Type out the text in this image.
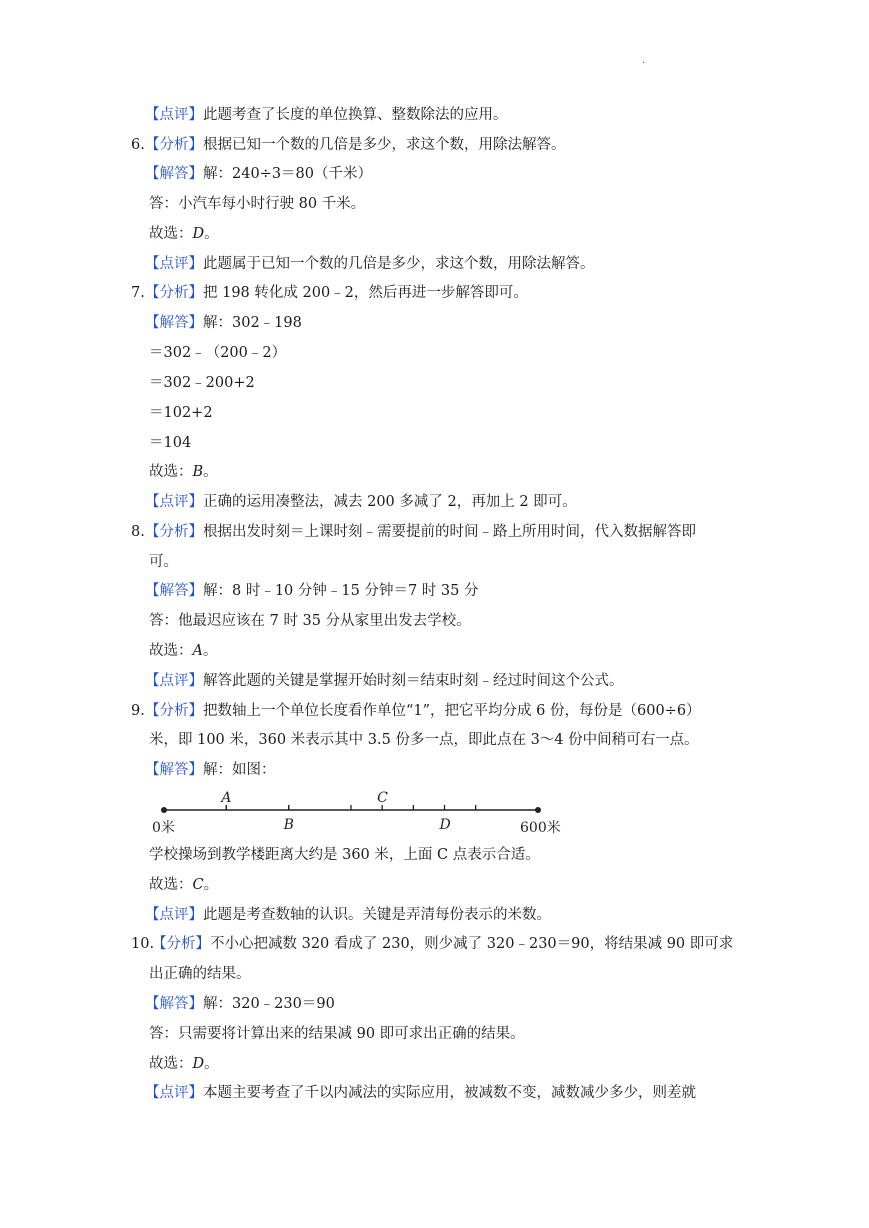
·
【点评】此题考查了长度的单位换算、整数除法的应用。
6. 【分析】根据已知一个数的几倍是多少，求这个数，用除法解答。
【解答】解：240÷3＝80（千米）
答：小汽车每小时行驶 80 千米。
故选：D。
【点评】此题属于已知一个数的几倍是多少，求这个数，用除法解答。
7. 【分析】把 198 转化成 200﹣2，然后再进一步解答即可。
【解答】解：302﹣198
＝302﹣（200﹣2）
＝302﹣200+2
＝102+2
＝104
故选：B。
【点评】正确的运用凑整法，减去 200 多减了 2，再加上 2 即可。
8. 【分析】根据出发时刻＝上课时刻﹣需要提前的时间﹣路上所用时间，代入数据解答即
可。
【解答】解：8 时﹣10 分钟﹣15 分钟＝7 时 35 分
答：他最迟应该在 7 时 35 分从家里出发去学校。
故选：A。
【点评】解答此题的关键是掌握开始时刻＝结束时刻﹣经过时间这个公式。
9. 【分析】把数轴上一个单位长度看作单位“1”，把它平均分成 6 份，每份是（600÷6）
米，即 100 米，360 米表示其中 3.5 份多一点，即此点在 3～4 份中间稍可右一点。
【解答】解：如图：
学校操场到教学楼距离大约是 360 米，上面 C 点表示合适。
故选：C。
【点评】此题是考查数轴的认识。关键是弄清每份表示的米数。
10.
【分析】不小心把减数 320 看成了 230，则少减了 320﹣230＝90，将结果减 90 即可求
出正确的结果。
【解答】解：320﹣230＝90
答：只需要将计算出来的结果减 90 即可求出正确的结果。
故选：D。
【点评】本题主要考查了千以内减法的实际应用，被减数不变，减数减少多少，则差就
A
B
C
D
0米	600米
